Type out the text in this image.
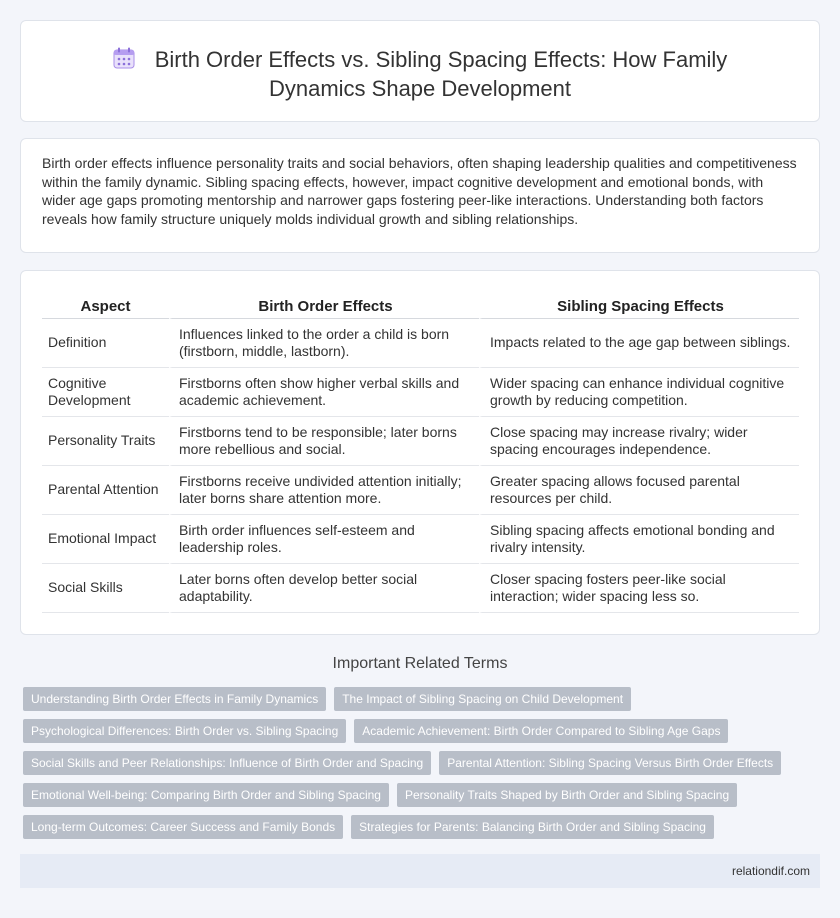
Birth Order Effects vs. Sibling Spacing Effects: How Family Dynamics Shape Development

Birth order effects influence personality traits and social behaviors, often shaping leadership qualities and competitiveness within the family dynamic. Sibling spacing effects, however, impact cognitive development and emotional bonds, with wider age gaps promoting mentorship and narrower gaps fostering peer-like interactions. Understanding both factors reveals how family structure uniquely molds individual growth and sibling relationships.

Aspect	Birth Order Effects	Sibling Spacing Effects
Definition	Influences linked to the order a child is born (firstborn, middle, lastborn).	Impacts related to the age gap between siblings.
Cognitive Development	Firstborns often show higher verbal skills and academic achievement.	Wider spacing can enhance individual cognitive growth by reducing competition.
Personality Traits	Firstborns tend to be responsible; later borns more rebellious and social.	Close spacing may increase rivalry; wider spacing encourages independence.
Parental Attention	Firstborns receive undivided attention initially; later borns share attention more.	Greater spacing allows focused parental resources per child.
Emotional Impact	Birth order influences self-esteem and leadership roles.	Sibling spacing affects emotional bonding and rivalry intensity.
Social Skills	Later borns often develop better social adaptability.	Closer spacing fosters peer-like social interaction; wider spacing less so.
Important Related Terms
Understanding Birth Order Effects in Family Dynamics	The Impact of Sibling Spacing on Child Development
Psychological Differences: Birth Order vs. Sibling Spacing	Academic Achievement: Birth Order Compared to Sibling Age Gaps
Social Skills and Peer Relationships: Influence of Birth Order and Spacing	Parental Attention: Sibling Spacing Versus Birth Order Effects
Emotional Well-being: Comparing Birth Order and Sibling Spacing	Personality Traits Shaped by Birth Order and Sibling Spacing
Long-term Outcomes: Career Success and Family Bonds	Strategies for Parents: Balancing Birth Order and Sibling Spacing
relationdif.com
